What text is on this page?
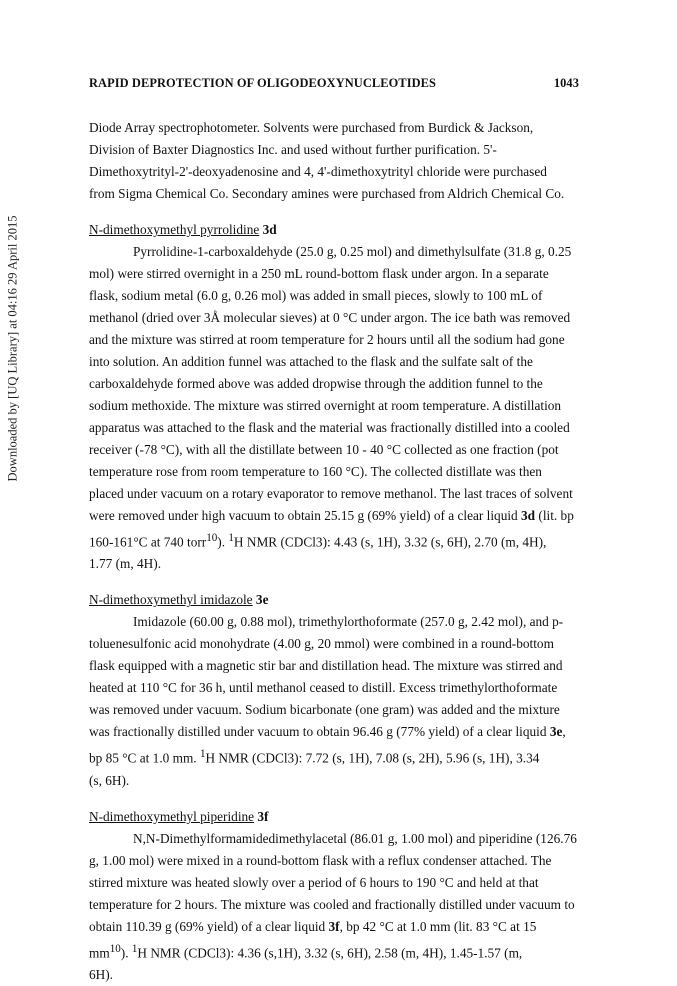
Downloaded by [UQ Library] at 04:16 29 April 2015
RAPID DEPROTECTION OF OLIGODEOXYNUCLEOTIDES	1043

Diode Array spectrophotometer. Solvents were purchased from Burdick & Jackson,

Division of Baxter Diagnostics Inc. and used without further purification. 5'-

Dimethoxytrityl-2'-deoxyadenosine and 4, 4'-dimethoxytrityl chloride were purchased

from Sigma Chemical Co. Secondary amines were purchased from Aldrich Chemical Co.

N-dimethoxymethyl pyrrolidine 3d

Pyrrolidine-1-carboxaldehyde (25.0 g, 0.25 mol) and dimethylsulfate (31.8 g, 0.25

mol) were stirred overnight in a 250 mL round-bottom flask under argon. In a separate

flask, sodium metal (6.0 g, 0.26 mol) was added in small pieces, slowly to 100 mL of

methanol (dried over 3Å molecular sieves) at 0 °C under argon. The ice bath was removed

and the mixture was stirred at room temperature for 2 hours until all the sodium had gone

into solution. An addition funnel was attached to the flask and the sulfate salt of the

carboxaldehyde formed above was added dropwise through the addition funnel to the

sodium methoxide. The mixture was stirred overnight at room temperature. A distillation

apparatus was attached to the flask and the material was fractionally distilled into a cooled

receiver (-78 °C), with all the distillate between 10 - 40 °C collected as one fraction (pot

temperature rose from room temperature to 160 °C). The collected distillate was then

placed under vacuum on a rotary evaporator to remove methanol. The last traces of solvent

were removed under high vacuum to obtain 25.15 g (69% yield) of a clear liquid 3d (lit. bp

160-161°C at 740 torr$^{10}$). $^1$H NMR (CDCl3): 4.43 (s, 1H), 3.32 (s, 6H), 2.70 (m, 4H),

1.77 (m, 4H).

N-dimethoxymethyl imidazole 3e

Imidazole (60.00 g, 0.88 mol), trimethylorthoformate (257.0 g, 2.42 mol), and p-

toluenesulfonic acid monohydrate (4.00 g, 20 mmol) were combined in a round-bottom

flask equipped with a magnetic stir bar and distillation head. The mixture was stirred and

heated at 110 °C for 36 h, until methanol ceased to distill. Excess trimethylorthoformate

was removed under vacuum. Sodium bicarbonate (one gram) was added and the mixture

was fractionally distilled under vacuum to obtain 96.46 g (77% yield) of a clear liquid 3e,

bp 85 °C at 1.0 mm. $^1$H NMR (CDCl3): 7.72 (s, 1H), 7.08 (s, 2H), 5.96 (s, 1H), 3.34

(s, 6H).

N-dimethoxymethyl piperidine 3f

N,N-Dimethylformamidedimethylacetal (86.01 g, 1.00 mol) and piperidine (126.76

g, 1.00 mol) were mixed in a round-bottom flask with a reflux condenser attached. The

stirred mixture was heated slowly over a period of 6 hours to 190 °C and held at that

temperature for 2 hours. The mixture was cooled and fractionally distilled under vacuum to

obtain 110.39 g (69% yield) of a clear liquid 3f, bp 42 °C at 1.0 mm (lit. 83 °C at 15

$mm^{10}$). $^1$H NMR (CDCl3): 4.36 (s,1H), 3.32 (s, 6H), 2.58 (m, 4H), 1.45-1.57 (m,

6H).
